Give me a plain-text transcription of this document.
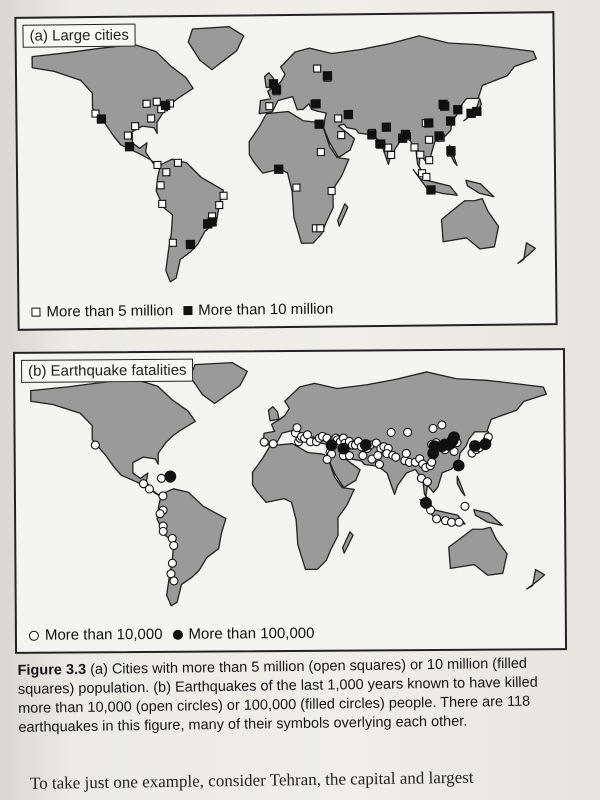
(a) Large cities
More than 5 million More than 10 million
(b) Earthquake fatalities
More than 10,000 More than 100,000
Figure 3.3 (a) Cities with more than 5 million (open squares) or 10 million (filled squares) population. (b) Earthquakes of the last 1,000 years known to have killed more than 10,000 (open circles) or 100,000 (filled circles) people. There are 118 earthquakes in this figure, many of their symbols overlying each other.
To take just one example, consider Tehran, the capital and largest
